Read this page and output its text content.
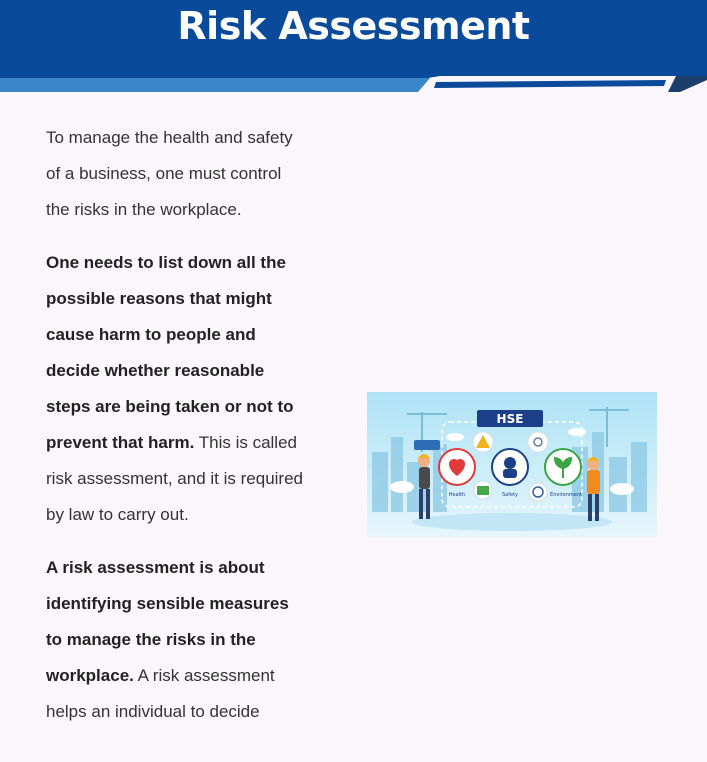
Risk Assessment

To manage the health and safety of a business, one must control the risks in the workplace.

One needs to list down all the possible reasons that might cause harm to people and decide whether reasonable steps are being taken or not to prevent that harm. This is called risk assessment, and it is required by law to carry out.

A risk assessment is about identifying sensible measures to manage the risks in the workplace. A risk assessment helps an individual to decide

HSE
Health	Safety	Environment
